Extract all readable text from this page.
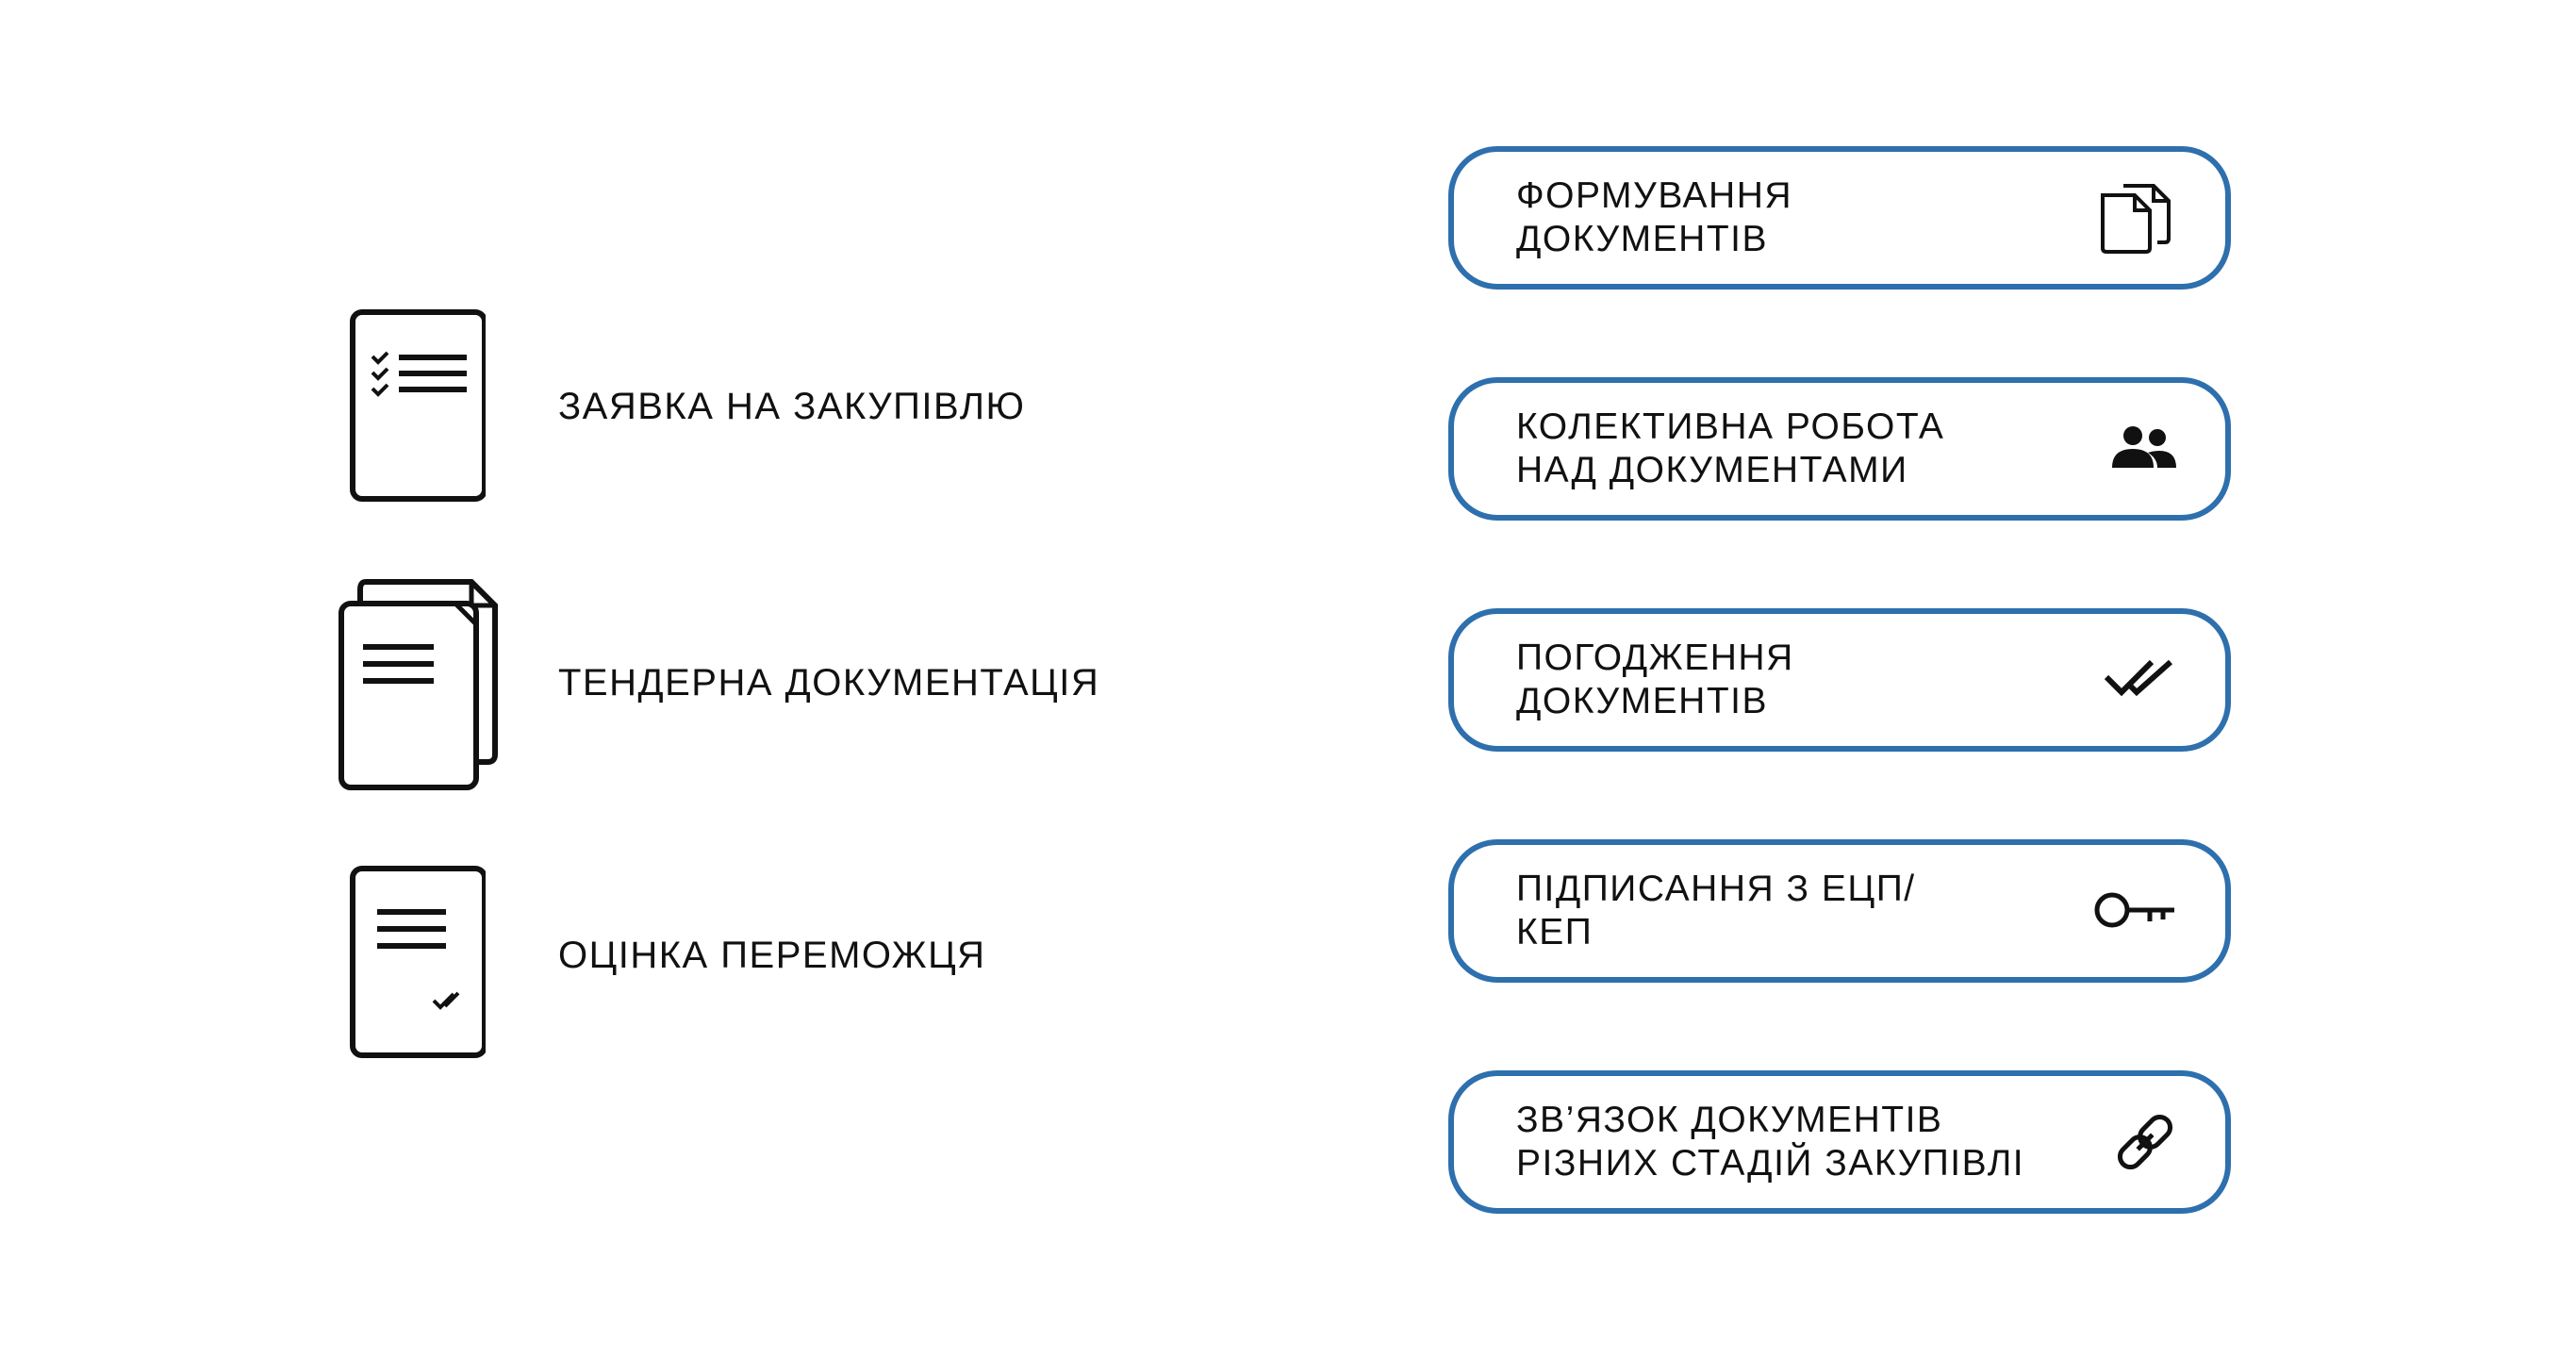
ЗАЯВКА НА ЗАКУПІВЛЮ
ТЕНДЕРНА ДОКУМЕНТАЦІЯ
ОЦІНКА ПЕРЕМОЖЦЯ
ФОРМУВАННЯ
ДОКУМЕНТІВ
КОЛЕКТИВНА РОБОТА
НАД ДОКУМЕНТАМИ
ПОГОДЖЕННЯ
ДОКУМЕНТІВ
ПІДПИСАННЯ З ЕЦП/
КЕП
ЗВ’ЯЗОК ДОКУМЕНТІВ
РІЗНИХ СТАДІЙ ЗАКУПІВЛІ
